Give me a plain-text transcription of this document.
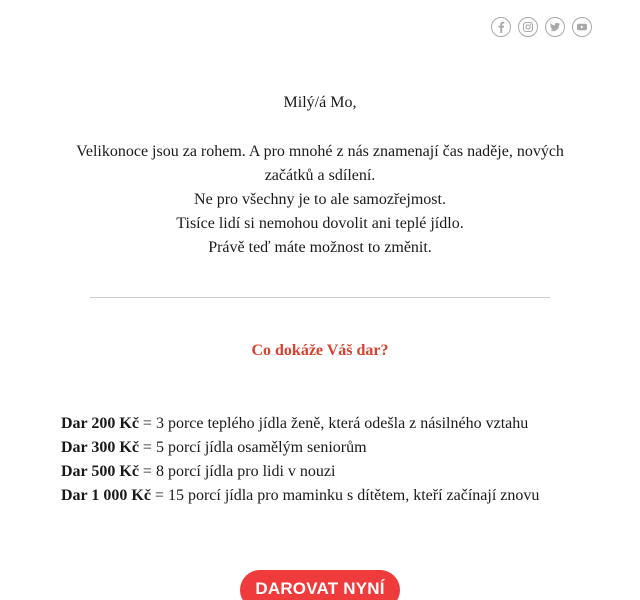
Milý/á Mo,

Velikonoce jsou za rohem. A pro mnohé z nás znamenají čas naděje, nových začátků a sdílení.

Ne pro všechny je to ale samozřejmost.

Tisíce lidí si nemohou dovolit ani teplé jídlo.

Právě teď máte možnost to změnit.

Co dokáže Váš dar?
Dar 200 Kč = 3 porce teplého jídla ženě, která odešla z násilného vztahu
Dar 300 Kč = 5 porcí jídla osamělým seniorům
Dar 500 Kč = 8 porcí jídla pro lidi v nouzi
Dar 1 000 Kč = 15 porcí jídla pro maminku s dítětem, kteří začínají znovu
DAROVAT NYNÍ
